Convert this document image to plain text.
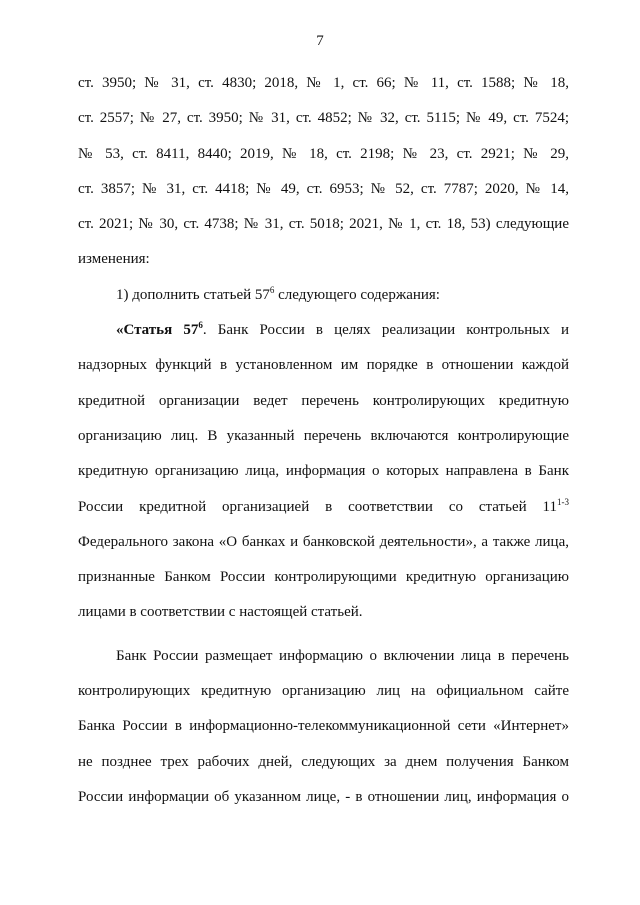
7
ст. 3950; № 31, ст. 4830; 2018, № 1, ст. 66; № 11, ст. 1588; № 18,
ст. 2557; № 27, ст. 3950; № 31, ст. 4852; № 32, ст. 5115; № 49, ст. 7524;
№ 53, ст. 8411, 8440; 2019, № 18, ст. 2198; № 23, ст. 2921; № 29,
ст. 3857; № 31, ст. 4418; № 49, ст. 6953; № 52, ст. 7787; 2020, № 14,
ст. 2021; № 30, ст. 4738; № 31, ст. 5018; 2021, № 1, ст. 18, 53) следующие
изменения:
1) дополнить статьей $57^6$ следующего содержания:
«Статья $57^6$. Банк России в целях реализации контрольных и
надзорных функций в установленном им порядке в отношении каждой
кредитной организации ведет перечень контролирующих кредитную
организацию лиц. В указанный перечень включаются контролирующие
кредитную организацию лица, информация о которых направлена в Банк
России кредитной организацией в соответствии со статьей 11$^{1-3}$
Федерального закона «О банках и банковской деятельности», а также лица,
признанные Банком России контролирующими кредитную организацию
лицами в соответствии с настоящей статьей.
Банк России размещает информацию о включении лица в перечень
контролирующих кредитную организацию лиц на официальном сайте
Банка России в информационно-телекоммуникационной сети «Интернет»
не позднее трех рабочих дней, следующих за днем получения Банком
России информации об указанном лице, - в отношении лиц, информация о
